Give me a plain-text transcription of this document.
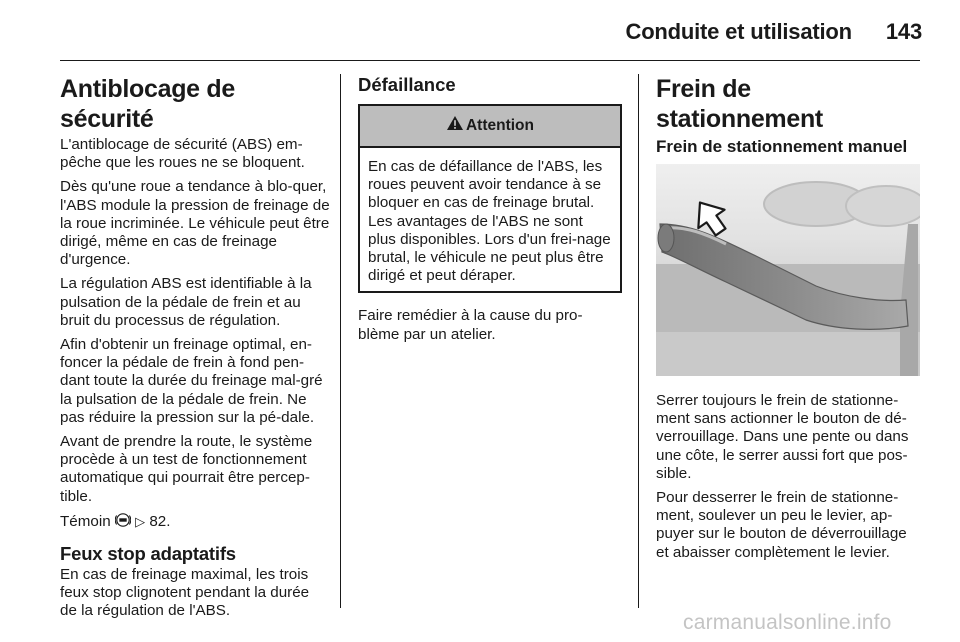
Conduite et utilisation 143
Antiblocage de sécurité

L'antiblocage de sécurité (ABS) em-pêche que les roues ne se bloquent.

Dès qu'une roue a tendance à blo-quer, l'ABS module la pression de freinage de la roue incriminée. Le véhicule peut être dirigé, même en cas de freinage d'urgence.

La régulation ABS est identifiable à la pulsation de la pédale de frein et au bruit du processus de régulation.

Afin d'obtenir un freinage optimal, en-foncer la pédale de frein à fond pen-dant toute la durée du freinage mal-gré la pulsation de la pédale de frein. Ne pas réduire la pression sur la pé-dale.

Avant de prendre la route, le système procède à un test de fonctionnement automatique qui pourrait être percep-tible.

Témoin ▷ 82.

Feux stop adaptatifs

En cas de freinage maximal, les trois feux stop clignotent pendant la durée de la régulation de l'ABS.

Défaillance
Attention

En cas de défaillance de l'ABS, les roues peuvent avoir tendance à se bloquer en cas de freinage brutal. Les avantages de l'ABS ne sont plus disponibles. Lors d'un frei-nage brutal, le véhicule ne peut plus être dirigé et peut déraper.

Faire remédier à la cause du pro-blème par un atelier.

Frein de stationnement
Frein de stationnement manuel

Serrer toujours le frein de stationne-ment sans actionner le bouton de dé-verrouillage. Dans une pente ou dans une côte, le serrer aussi fort que pos-sible.

Pour desserrer le frein de stationne-ment, soulever un peu le levier, ap-puyer sur le bouton de déverrouillage et abaisser complètement le levier.

carmanualsonline.info
